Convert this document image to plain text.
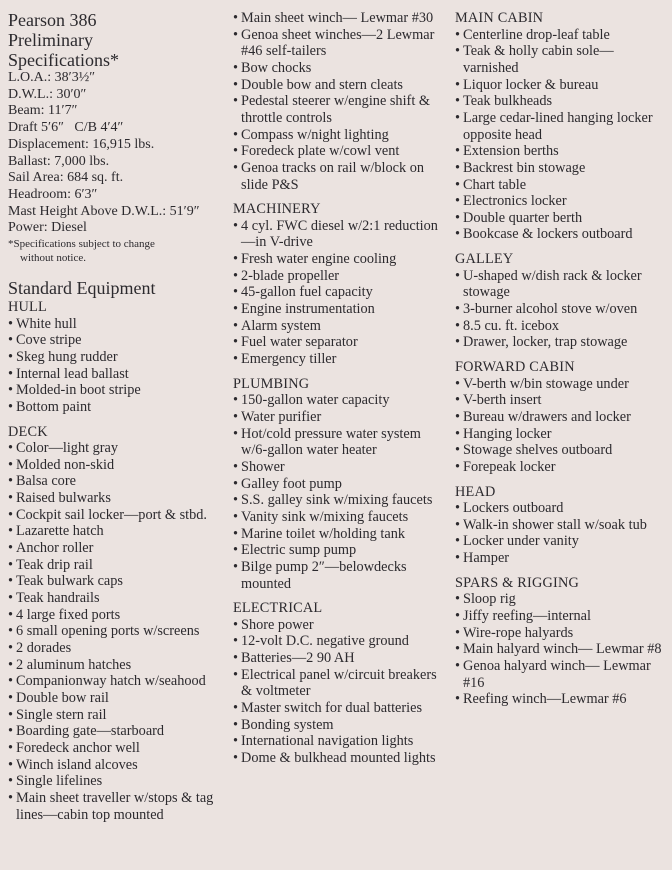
Pearson 386
Preliminary
Specifications*
L.O.A.: 38′3½″
D.W.L.: 30′0″
Beam: 11′7″
Draft 5′6″   C/B 4′4″
Displacement: 16,915 lbs.
Ballast: 7,000 lbs.
Sail Area: 684 sq. ft.
Headroom: 6′3″
Mast Height Above D.W.L.: 51′9″
Power: Diesel
*Specifications subject to change
without notice.
Standard Equipment
HULL
• White hull
• Cove stripe
• Skeg hung rudder
• Internal lead ballast
• Molded-in boot stripe
• Bottom paint
DECK
• Color—light gray
• Molded non-skid
• Balsa core
• Raised bulwarks
• Cockpit sail locker—port & stbd.
• Lazarette hatch
• Anchor roller
• Teak drip rail
• Teak bulwark caps
• Teak handrails
• 4 large fixed ports
• 6 small opening ports w/screens
• 2 dorades
• 2 aluminum hatches
• Companionway hatch w/seahood
• Double bow rail
• Single stern rail
• Boarding gate—starboard
• Foredeck anchor well
• Winch island alcoves
• Single lifelines
• Main sheet traveller w/stops & tag lines—cabin top mounted
• Main sheet winch— Lewmar #30
• Genoa sheet winches—2 Lewmar #46 self-tailers
• Bow chocks
• Double bow and stern cleats
• Pedestal steerer w/engine shift & throttle controls
• Compass w/night lighting
• Foredeck plate w/cowl vent
• Genoa tracks on rail w/block on slide P&S
MACHINERY
• 4 cyl. FWC diesel w/2:1 reduction—in V-drive
• Fresh water engine cooling
• 2-blade propeller
• 45-gallon fuel capacity
• Engine instrumentation
• Alarm system
• Fuel water separator
• Emergency tiller
PLUMBING
• 150-gallon water capacity
• Water purifier
• Hot/cold pressure water system w/6-gallon water heater
• Shower
• Galley foot pump
• S.S. galley sink w/mixing faucets
• Vanity sink w/mixing faucets
• Marine toilet w/holding tank
• Electric sump pump
• Bilge pump 2″—belowdecks mounted
ELECTRICAL
• Shore power
• 12-volt D.C. negative ground
• Batteries—2 90 AH
• Electrical panel w/circuit breakers & voltmeter
• Master switch for dual batteries
• Bonding system
• International navigation lights
• Dome & bulkhead mounted lights
MAIN CABIN
• Centerline drop-leaf table
• Teak & holly cabin sole— varnished
• Liquor locker & bureau
• Teak bulkheads
• Large cedar-lined hanging locker opposite head
• Extension berths
• Backrest bin stowage
• Chart table
• Electronics locker
• Double quarter berth
• Bookcase & lockers outboard
GALLEY
• U-shaped w/dish rack & locker stowage
• 3-burner alcohol stove w/oven
• 8.5 cu. ft. icebox
• Drawer, locker, trap stowage
FORWARD CABIN
• V-berth w/bin stowage under
• V-berth insert
• Bureau w/drawers and locker
• Hanging locker
• Stowage shelves outboard
• Forepeak locker
HEAD
• Lockers outboard
• Walk-in shower stall w/soak tub
• Locker under vanity
• Hamper
SPARS & RIGGING
• Sloop rig
• Jiffy reefing—internal
• Wire-rope halyards
• Main halyard winch— Lewmar #8
• Genoa halyard winch— Lewmar #16
• Reefing winch—Lewmar #6
